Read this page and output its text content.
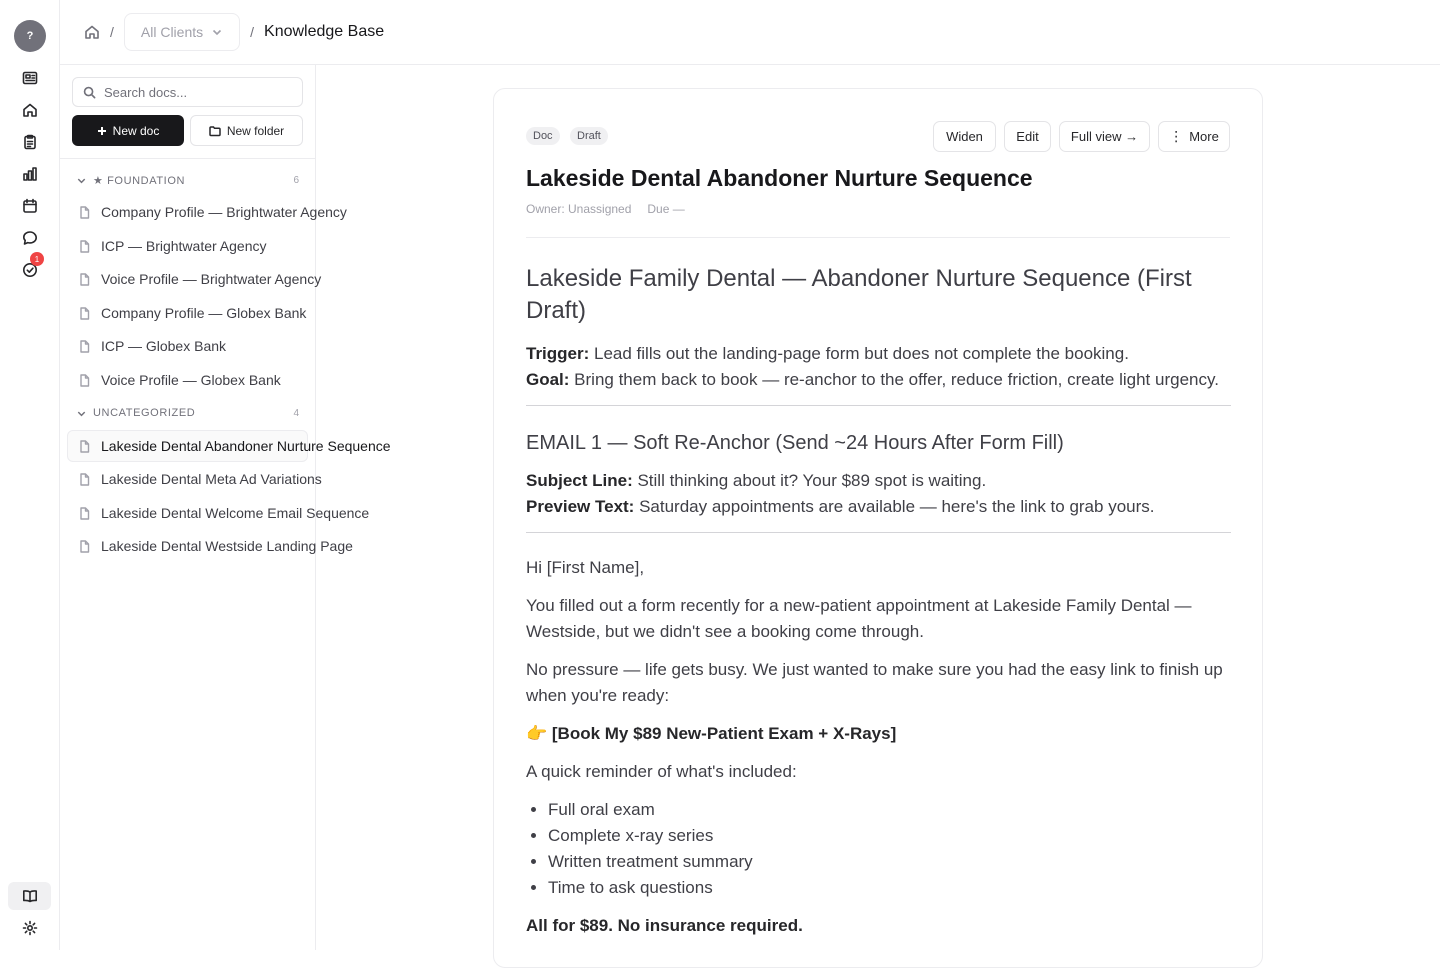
?
1
/ All Clients	/ Knowledge Base
Search docs...
New doc	New folder
★ FOUNDATION	6
Company Profile — Brightwater Agency
ICP — Brightwater Agency
Voice Profile — Brightwater Agency
Company Profile — Globex Bank
ICP — Globex Bank
Voice Profile — Globex Bank
UNCATEGORIZED	4
Lakeside Dental Abandoner Nurture Sequence
Lakeside Dental Meta Ad Variations
Lakeside Dental Welcome Email Sequence
Lakeside Dental Westside Landing Page
Doc	Draft	Widen	Edit Full view → ⋮ More
Lakeside Dental Abandoner Nurture Sequence
Owner: Unassigned Due —
Lakeside Family Dental — Abandoner Nurture Sequence (First Draft)
Trigger: Lead fills out the landing-page form but does not complete the booking.
Goal: Bring them back to book — re-anchor to the offer, reduce friction, create light urgency.
EMAIL 1 — Soft Re-Anchor (Send ~24 Hours After Form Fill)
Subject Line: Still thinking about it? Your $89 spot is waiting.
Preview Text: Saturday appointments are available — here's the link to grab yours.
Hi [First Name],
You filled out a form recently for a new-patient appointment at Lakeside Family Dental — Westside, but we didn't see a booking come through.
No pressure — life gets busy. We just wanted to make sure you had the easy link to finish up when you're ready:
👉 [Book My $89 New-Patient Exam + X-Rays]
A quick reminder of what's included:
• Full oral exam
• Complete x-ray series
• Written treatment summary
• Time to ask questions
All for $89. No insurance required.
